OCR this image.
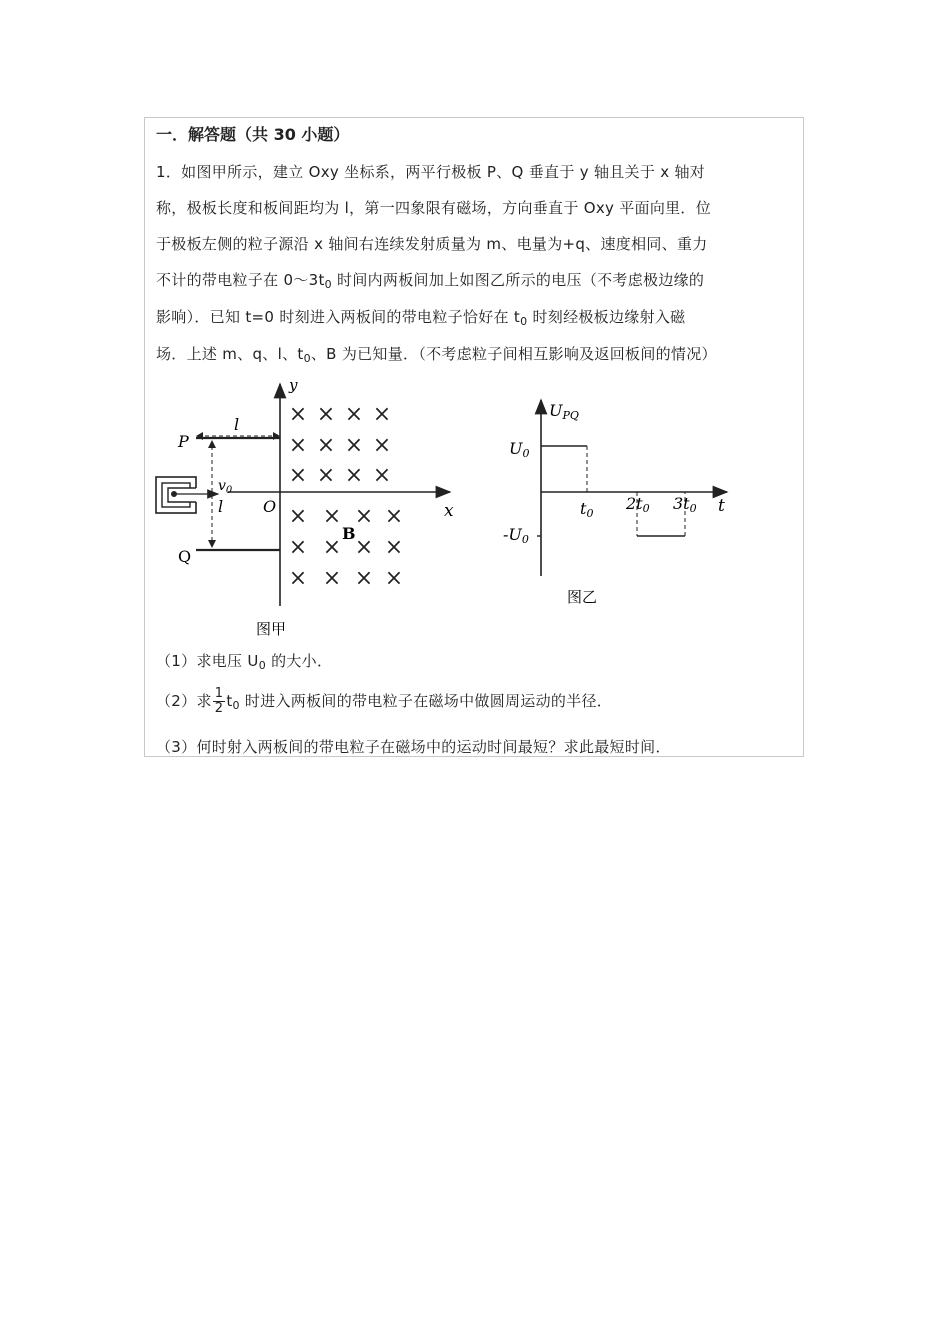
一．解答题（共 30 小题）
1．如图甲所示，建立 Oxy 坐标系，两平行极板 P、Q 垂直于 y 轴且关于 x 轴对
称，极板长度和板间距均为 l，第一四象限有磁场，方向垂直于 Oxy 平面向里．位
于极板左侧的粒子源沿 x 轴间右连续发射质量为 m、电量为+q、速度相同、重力
不计的带电粒子在 $0\sim 3t_0$ 时间内两板间加上如图乙所示的电压（不考虑极边缘的
影响）．已知 t=0 时刻进入两板间的带电粒子恰好在 $t_0$ 时刻经极板边缘射入磁
场．上述 m、q、l、$t_0$、B 为已知量．（不考虑粒子间相互影响及返回板间的情况）
y
x
O
P
Q
l
l
$v_0$
B
× × × ×
× × × ×
× × × ×
× × × ×
× × × ×
× × × ×
图甲
UPQ
t
U0
-U0
t0
2t0 3t0
图乙
（1）求电压 $U_0$ 的大小．
（2）求 $\frac{1}{2} t_0$ 时进入两板间的带电粒子在磁场中做圆周运动的半径．
（3）何时射入两板间的带电粒子在磁场中的运动时间最短？求此最短时间．
